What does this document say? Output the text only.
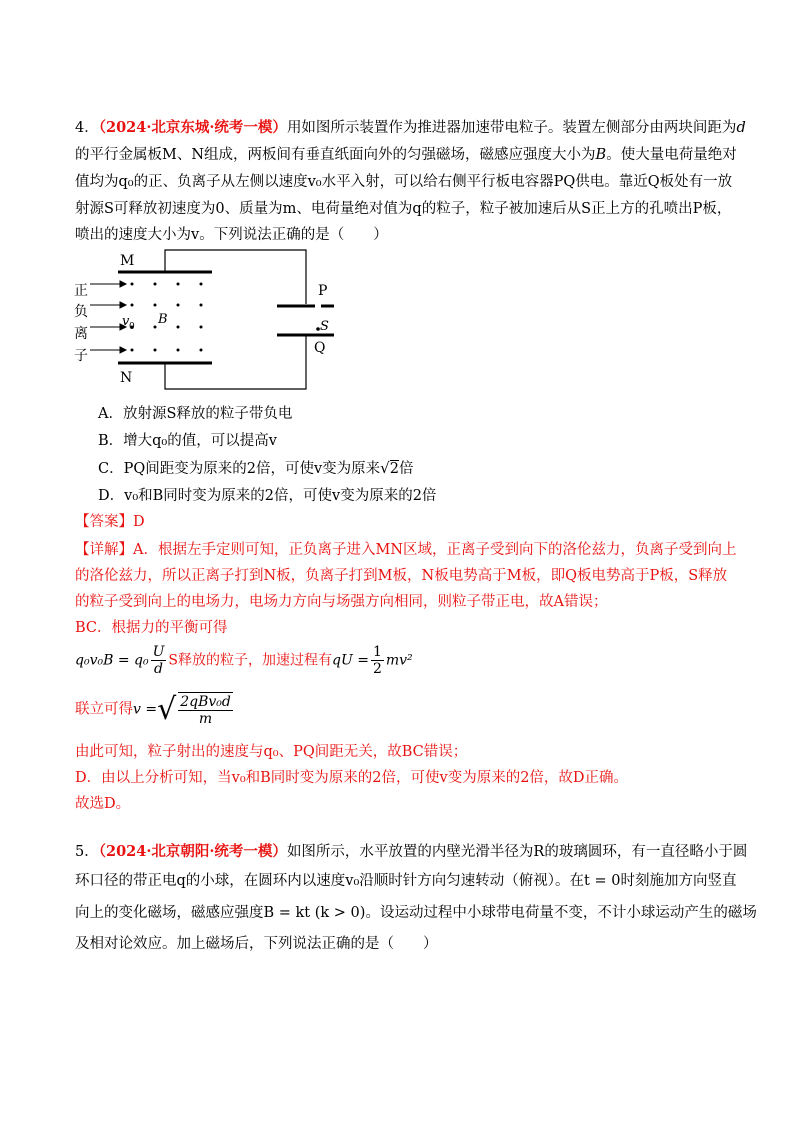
4．（2024·北京东城·统考一模）用如图所示装置作为推进器加速带电粒子。装置左侧部分由两块间距为d
的平行金属板M、N组成，两板间有垂直纸面向外的匀强磁场，磁感应强度大小为B。使大量电荷量绝对
值均为q₀的正、负离子从左侧以速度v₀水平入射，可以给右侧平行板电容器PQ供电。靠近Q板处有一放
射源S可释放初速度为0、质量为m、电荷量绝对值为q的粒子，粒子被加速后从S正上方的孔喷出P板，
喷出的速度大小为v。下列说法正确的是（　　）
M
N
P
Q
S
v 0 B
正
负
离
子
A．放射源S释放的粒子带负电
B．增大q₀的值，可以提高v
C．PQ间距变为原来的2倍，可使v变为原来√2倍
D．v₀和B同时变为原来的2倍，可使v变为原来的2倍
【答案】D
【详解】A．根据左手定则可知，正负离子进入MN区域，正离子受到向下的洛伦兹力，负离子受到向上
的洛伦兹力，所以正离子打到N板，负离子打到M板，N板电势高于M板，即Q板电势高于P板，S释放
的粒子受到向上的电场力，电场力方向与场强方向相同，则粒子带正电，故A错误；
BC．根据力的平衡可得
$q_0v_0B = q_0 \frac{U}{d}$ S释放的粒子，加速过程有qU = $\frac{1}{2} mv^2$
联立可得v =√ $\frac{\text{2qBv₀d}}{m}$
由此可知，粒子射出的速度与q₀、PQ间距无关，故BC错误；
D．由以上分析可知，当v₀和B同时变为原来的2倍，可使v变为原来的2倍，故D正确。
故选D。
5．（2024·北京朝阳·统考一模）如图所示，水平放置的内壁光滑半径为R的玻璃圆环，有一直径略小于圆
环口径的带正电q的小球，在圆环内以速度v₀沿顺时针方向匀速转动（俯视）。在t = 0时刻施加方向竖直
向上的变化磁场，磁感应强度B = kt (k > 0)。设运动过程中小球带电荷量不变，不计小球运动产生的磁场
及相对论效应。加上磁场后，下列说法正确的是（　　）
